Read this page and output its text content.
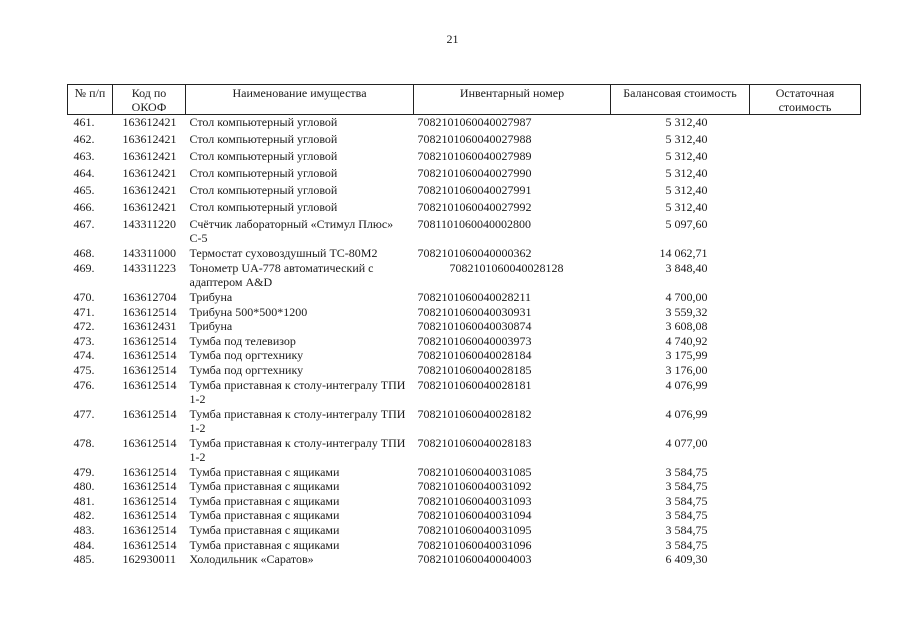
21
№ п/п	Код по ОКОФ	Наименование имущества	Инвентарный номер	Балансовая стоимость	Остаточная стоимость
461.	163612421	Стол компьютерный угловой	7082101060040027987	5 312,40	
462.	163612421	Стол компьютерный угловой	7082101060040027988	5 312,40	
463.	163612421	Стол компьютерный угловой	7082101060040027989	5 312,40	
464.	163612421	Стол компьютерный угловой	7082101060040027990	5 312,40	
465.	163612421	Стол компьютерный угловой	7082101060040027991	5 312,40	
466.	163612421	Стол компьютерный угловой	7082101060040027992	5 312,40	
467.	143311220	Счётчик лабораторный «Стимул Плюс» С-5	7081101060040002800	5 097,60	
468.	143311000	Термостат суховоздушный ТС-80М2	7082101060040000362	14 062,71	
469.	143311223	Тонометр UA-778 автоматический с адаптером A&D	7082101060040028128	3 848,40	
470.	163612704	Трибуна	7082101060040028211	4 700,00	
471.	163612514	Трибуна 500*500*1200	7082101060040030931	3 559,32	
472.	163612431	Трибуна	7082101060040030874	3 608,08	
473.	163612514	Тумба под телевизор	7082101060040003973	4 740,92	
474.	163612514	Тумба под оргтехнику	7082101060040028184	3 175,99	
475.	163612514	Тумба под оргтехнику	7082101060040028185	3 176,00	
476.	163612514	Тумба приставная к столу-интегралу ТПИ 1-2	7082101060040028181	4 076,99	
477.	163612514	Тумба приставная к столу-интегралу ТПИ 1-2	7082101060040028182	4 076,99	
478.	163612514	Тумба приставная к столу-интегралу ТПИ 1-2	7082101060040028183	4 077,00	
479.	163612514	Тумба приставная с ящиками	7082101060040031085	3 584,75	
480.	163612514	Тумба приставная с ящиками	7082101060040031092	3 584,75	
481.	163612514	Тумба приставная с ящиками	7082101060040031093	3 584,75	
482.	163612514	Тумба приставная с ящиками	7082101060040031094	3 584,75	
483.	163612514	Тумба приставная с ящиками	7082101060040031095	3 584,75	
484.	163612514	Тумба приставная с ящиками	7082101060040031096	3 584,75	
485.	162930011	Холодильник «Саратов»	7082101060040004003	6 409,30	
